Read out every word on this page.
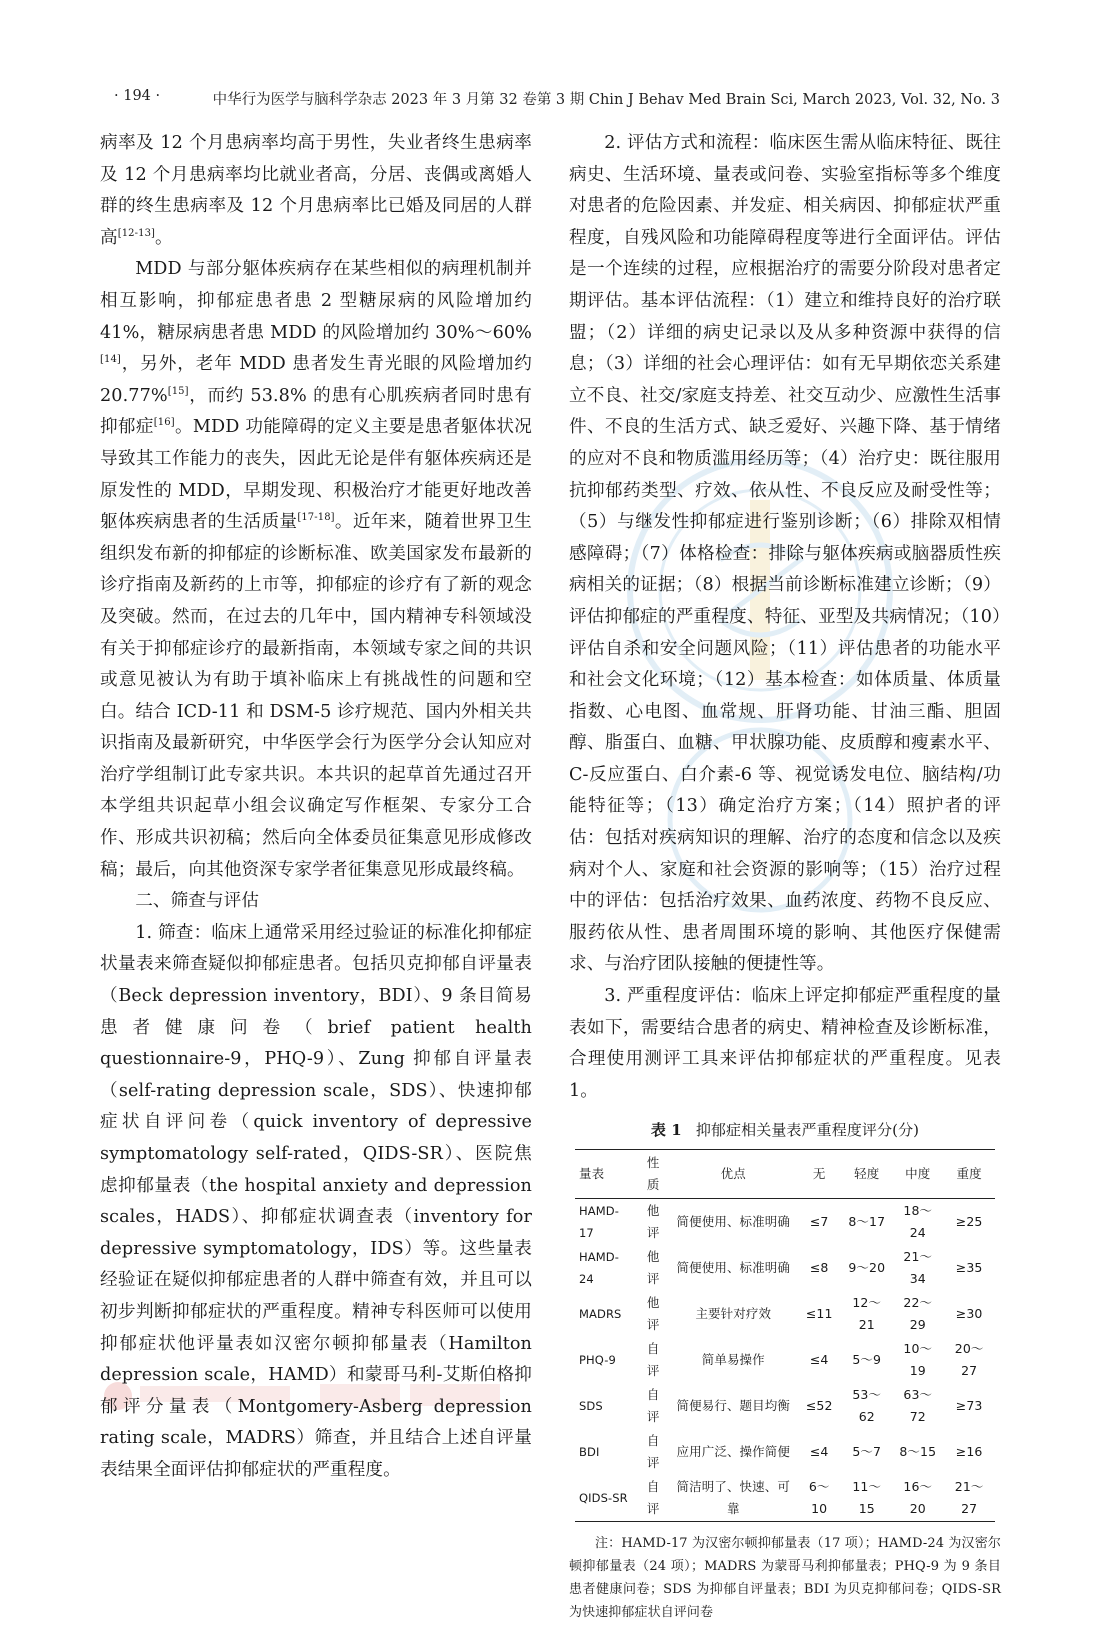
· 194 ·	中华行为医学与脑科学杂志 2023 年 3 月第 32 卷第 3 期 Chin J Behav Med Brain Sci, March 2023, Vol. 32, No. 3

病率及 12 个月患病率均高于男性，失业者终生患病率及 12 个月患病率均比就业者高，分居、丧偶或离婚人群的终生患病率及 12 个月患病率比已婚及同居的人群高[12-13]。

MDD 与部分躯体疾病存在某些相似的病理机制并相互影响，抑郁症患者患 2 型糖尿病的风险增加约 41%，糖尿病患者患 MDD 的风险增加约 30%～60%[14]，另外，老年 MDD 患者发生青光眼的风险增加约 20.77%[15]，而约 53.8% 的患有心肌疾病者同时患有抑郁症[16]。MDD 功能障碍的定义主要是患者躯体状况导致其工作能力的丧失，因此无论是伴有躯体疾病还是原发性的 MDD，早期发现、积极治疗才能更好地改善躯体疾病患者的生活质量[17-18]。近年来，随着世界卫生组织发布新的抑郁症的诊断标准、欧美国家发布最新的诊疗指南及新药的上市等，抑郁症的诊疗有了新的观念及突破。然而，在过去的几年中，国内精神专科领域没有关于抑郁症诊疗的最新指南，本领域专家之间的共识或意见被认为有助于填补临床上有挑战性的问题和空白。结合 ICD-11 和 DSM-5 诊疗规范、国内外相关共识指南及最新研究，中华医学会行为医学分会认知应对治疗学组制订此专家共识。本共识的起草首先通过召开本学组共识起草小组会议确定写作框架、专家分工合作、形成共识初稿；然后向全体委员征集意见形成修改稿；最后，向其他资深专家学者征集意见形成最终稿。

二、筛查与评估

1. 筛查：临床上通常采用经过验证的标准化抑郁症状量表来筛查疑似抑郁症患者。包括贝克抑郁自评量表（Beck depression inventory，BDI）、9 条目简易患者健康问卷（brief patient health questionnaire-9，PHQ-9）、Zung 抑郁自评量表（self-rating depression scale，SDS）、快速抑郁症状自评问卷（quick inventory of depressive symptomatology self-rated，QIDS-SR）、医院焦虑抑郁量表（the hospital anxiety and depression scales，HADS）、抑郁症状调查表（inventory for depressive symptomatology，IDS）等。这些量表经验证在疑似抑郁症患者的人群中筛查有效，并且可以初步判断抑郁症状的严重程度。精神专科医师可以使用抑郁症状他评量表如汉密尔顿抑郁量表（Hamilton depression scale，HAMD）和蒙哥马利-艾斯伯格抑郁评分量表（Montgomery-Asberg depression rating scale，MADRS）筛查，并且结合上述自评量表结果全面评估抑郁症状的严重程度。

2. 评估方式和流程：临床医生需从临床特征、既往病史、生活环境、量表或问卷、实验室指标等多个维度对患者的危险因素、并发症、相关病因、抑郁症状严重程度，自残风险和功能障碍程度等进行全面评估。评估是一个连续的过程，应根据治疗的需要分阶段对患者定期评估。基本评估流程：（1）建立和维持良好的治疗联盟；（2）详细的病史记录以及从多种资源中获得的信息；（3）详细的社会心理评估：如有无早期依恋关系建立不良、社交/家庭支持差、社交互动少、应激性生活事件、不良的生活方式、缺乏爱好、兴趣下降、基于情绪的应对不良和物质滥用经历等；（4）治疗史：既往服用抗抑郁药类型、疗效、依从性、不良反应及耐受性等；（5）与继发性抑郁症进行鉴别诊断；（6）排除双相情感障碍；（7）体格检查：排除与躯体疾病或脑器质性疾病相关的证据；（8）根据当前诊断标准建立诊断；（9）评估抑郁症的严重程度、特征、亚型及共病情况；（10）评估自杀和安全问题风险；（11）评估患者的功能水平和社会文化环境；（12）基本检查：如体质量、体质量指数、心电图、血常规、肝肾功能、甘油三酯、胆固醇、脂蛋白、血糖、甲状腺功能、皮质醇和瘦素水平、C-反应蛋白、白介素-6 等、视觉诱发电位、脑结构/功能特征等；（13）确定治疗方案；（14）照护者的评估：包括对疾病知识的理解、治疗的态度和信念以及疾病对个人、家庭和社会资源的影响等；（15）治疗过程中的评估：包括治疗效果、血药浓度、药物不良反应、服药依从性、患者周围环境的影响、其他医疗保健需求、与治疗团队接触的便捷性等。

3. 严重程度评估：临床上评定抑郁症严重程度的量表如下，需要结合患者的病史、精神检查及诊断标准，合理使用测评工具来评估抑郁症状的严重程度。见表 1。

表 1 抑郁症相关量表严重程度评分(分)
量表	性质	优点	无	轻度	中度	重度
HAMD-17	他评	简便使用、标准明确	≤7	8～17	18～24	≥25
HAMD-24	他评	简便使用、标准明确	≤8	9～20	21～34	≥35
MADRS	他评	主要针对疗效	≤11	12～21	22～29	≥30
PHQ-9	自评	简单易操作	≤4	5～9	10～19	20～27
SDS	自评	简便易行、题目均衡	≤52	53～62	63～72	≥73
BDI	自评	应用广泛、操作简便	≤4	5～7	8～15	≥16
QIDS-SR	自评	简洁明了、快速、可靠	6～10	11～15	16～20	21～27

注：HAMD-17 为汉密尔顿抑郁量表（17 项）；HAMD-24 为汉密尔顿抑郁量表（24 项）；MADRS 为蒙哥马利抑郁量表；PHQ-9 为 9 条目患者健康问卷；SDS 为抑郁自评量表；BDI 为贝克抑郁问卷；QIDS-SR 为快速抑郁症状自评问卷
